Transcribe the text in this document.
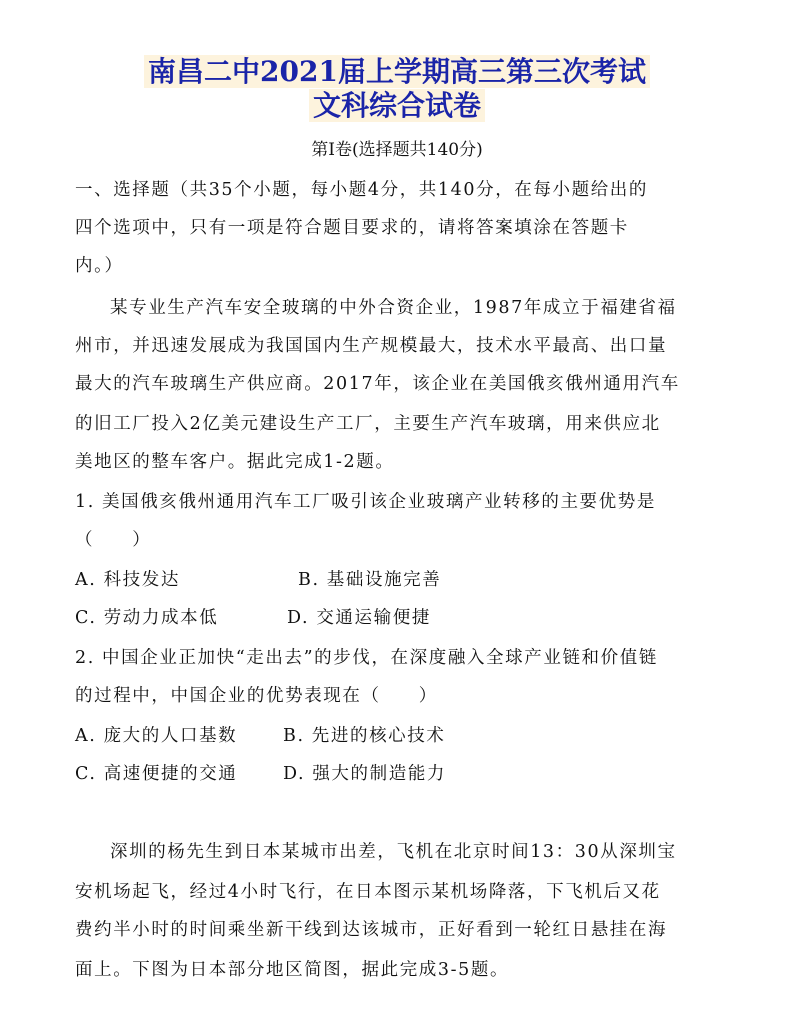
南昌二中2021届上学期高三第三次考试
文科综合试卷
第Ⅰ卷(选择题共140分)
一、选择题（共35个小题，每小题4分，共140分，在每小题给出的
四个选项中，只有一项是符合题目要求的，请将答案填涂在答题卡
内。）
某专业生产汽车安全玻璃的中外合资企业，1987年成立于福建省福
州市，并迅速发展成为我国国内生产规模最大，技术水平最高、出口量
最大的汽车玻璃生产供应商。2017年，该企业在美国俄亥俄州通用汽车
的旧工厂投入2亿美元建设生产工厂，主要生产汽车玻璃，用来供应北
美地区的整车客户。据此完成1-2题。
1. 美国俄亥俄州通用汽车工厂吸引该企业玻璃产业转移的主要优势是
（　　）
A. 科技发达	B. 基础设施完善
C. 劳动力成本低	D. 交通运输便捷
2. 中国企业正加快“走出去”的步伐，在深度融入全球产业链和价值链
的过程中，中国企业的优势表现在（　　）
A. 庞大的人口基数	B. 先进的核心技术
C. 高速便捷的交通	D. 强大的制造能力
深圳的杨先生到日本某城市出差，飞机在北京时间13：30从深圳宝
安机场起飞，经过4小时飞行，在日本图示某机场降落，下飞机后又花
费约半小时的时间乘坐新干线到达该城市，正好看到一轮红日悬挂在海
面上。下图为日本部分地区简图，据此完成3-5题。
